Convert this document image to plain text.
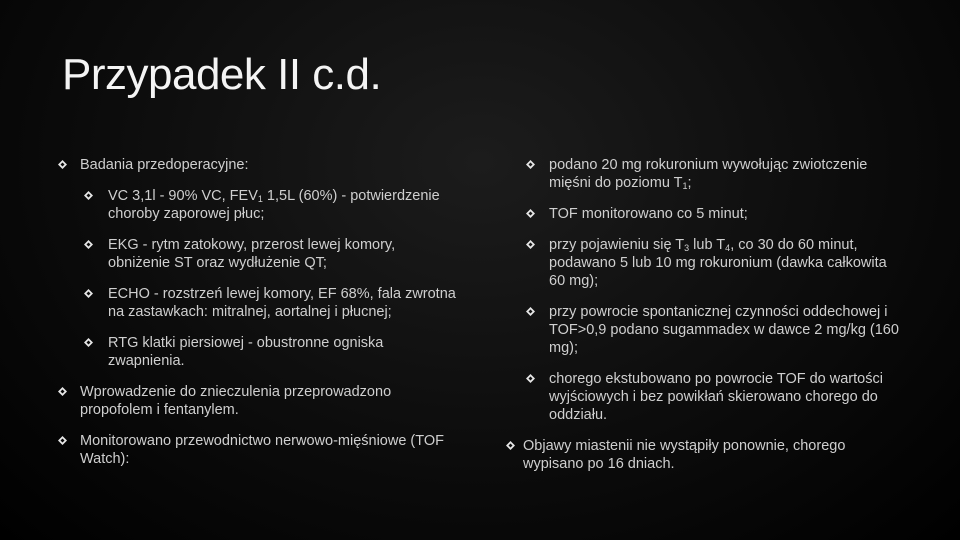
Przypadek II c.d.
Badania przedoperacyjne:
VC 3,1l - 90% VC, $FEV_1$ 1,5L (60%) - potwierdzenie choroby zaporowej płuc;
EKG - rytm zatokowy, przerost lewej komory, obniżenie ST oraz wydłużenie QT;
ECHO - rozstrzeń lewej komory, EF 68%, fala zwrotna na zastawkach: mitralnej, aortalnej i płucnej;
RTG klatki piersiowej - obustronne ogniska zwapnienia.
Wprowadzenie do znieczulenia przeprowadzono propofolem i fentanylem.
Monitorowano przewodnictwo nerwowo-mięśniowe (TOF Watch):
podano 20 mg rokuronium wywołując zwiotczenie mięśni do poziomu $T_1$;
TOF monitorowano co 5 minut;
przy pojawieniu się $T_3$ lub $T_4$, co 30 do 60 minut, podawano 5 lub 10 mg rokuronium (dawka całkowita 60 mg);
przy powrocie spontanicznej czynności oddechowej i TOF>0,9 podano sugammadex w dawce 2 mg/kg (160 mg);
chorego ekstubowano po powrocie TOF do wartości wyjściowych i bez powikłań skierowano chorego do oddziału.
Objawy miastenii nie wystąpiły ponownie, chorego wypisano po 16 dniach.
